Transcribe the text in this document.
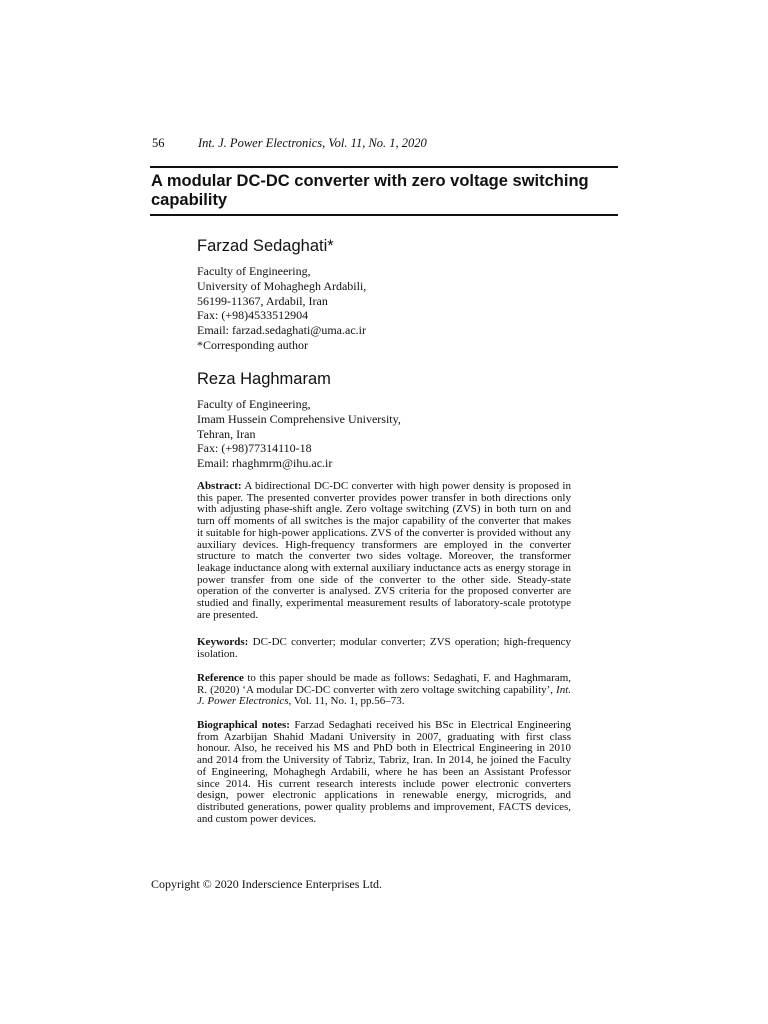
56	Int. J. Power Electronics, Vol. 11, No. 1, 2020
A modular DC-DC converter with zero voltage switching capability
Farzad Sedaghati*
Faculty of Engineering,
University of Mohaghegh Ardabili,
56199-11367, Ardabil, Iran
Fax: (+98)4533512904
Email: farzad.sedaghati@uma.ac.ir
*Corresponding author
Reza Haghmaram
Faculty of Engineering,
Imam Hussein Comprehensive University,
Tehran, Iran
Fax: (+98)77314110-18
Email: rhaghmrm@ihu.ac.ir

Abstract: A bidirectional DC-DC converter with high power density is proposed in this paper. The presented converter provides power transfer in both directions only with adjusting phase-shift angle. Zero voltage switching (ZVS) in both turn on and turn off moments of all switches is the major capability of the converter that makes it suitable for high-power applications. ZVS of the converter is provided without any auxiliary devices. High-frequency transformers are employed in the converter structure to match the converter two sides voltage. Moreover, the transformer leakage inductance along with external auxiliary inductance acts as energy storage in power transfer from one side of the converter to the other side. Steady-state operation of the converter is analysed. ZVS criteria for the proposed converter are studied and finally, experimental measurement results of laboratory-scale prototype are presented.

Keywords: DC-DC converter; modular converter; ZVS operation; high-frequency isolation.

Reference to this paper should be made as follows: Sedaghati, F. and Haghmaram, R. (2020) ‘A modular DC-DC converter with zero voltage switching capability’, Int. J. Power Electronics, Vol. 11, No. 1, pp.56–73.

Biographical notes: Farzad Sedaghati received his BSc in Electrical Engineering from Azarbijan Shahid Madani University in 2007, graduating with first class honour. Also, he received his MS and PhD both in Electrical Engineering in 2010 and 2014 from the University of Tabriz, Tabriz, Iran. In 2014, he joined the Faculty of Engineering, Mohaghegh Ardabili, where he has been an Assistant Professor since 2014. His current research interests include power electronic converters design, power electronic applications in renewable energy, microgrids, and distributed generations, power quality problems and improvement, FACTS devices, and custom power devices.

Copyright © 2020 Inderscience Enterprises Ltd.
